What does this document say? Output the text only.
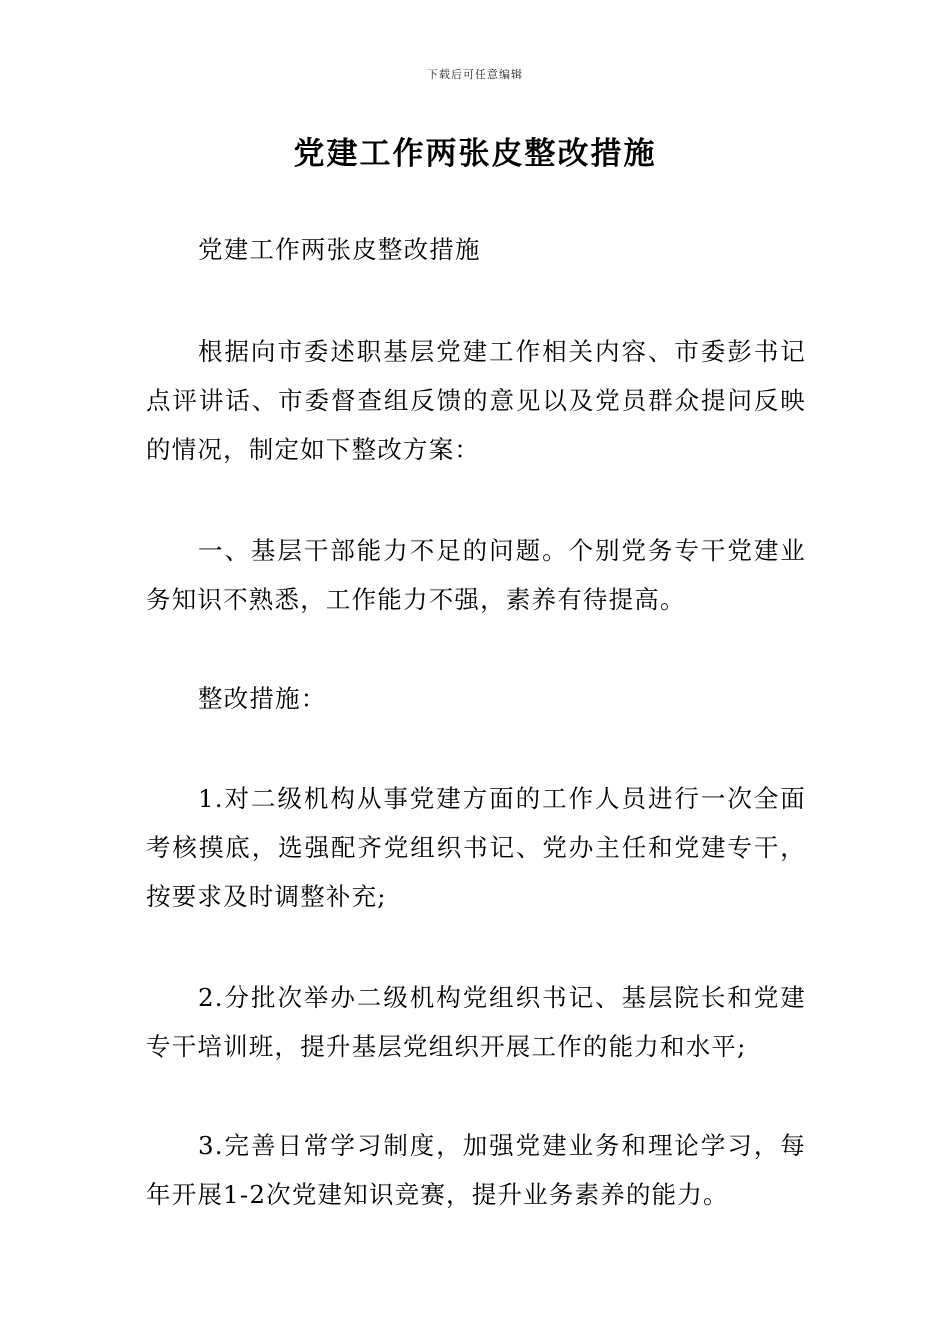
下载后可任意编辑
党建工作两张皮整改措施

党建工作两张皮整改措施

根据向市委述职基层党建工作相关内容、市委彭书记点评讲话、市委督查组反馈的意见以及党员群众提问反映的情况，制定如下整改方案：

一、基层干部能力不足的问题。个别党务专干党建业务知识不熟悉，工作能力不强，素养有待提高。

整改措施：

1.对二级机构从事党建方面的工作人员进行一次全面考核摸底，选强配齐党组织书记、党办主任和党建专干，按要求及时调整补充;

2.分批次举办二级机构党组织书记、基层院长和党建专干培训班，提升基层党组织开展工作的能力和水平;

3.完善日常学习制度，加强党建业务和理论学习，每年开展1-2次党建知识竞赛，提升业务素养的能力。
